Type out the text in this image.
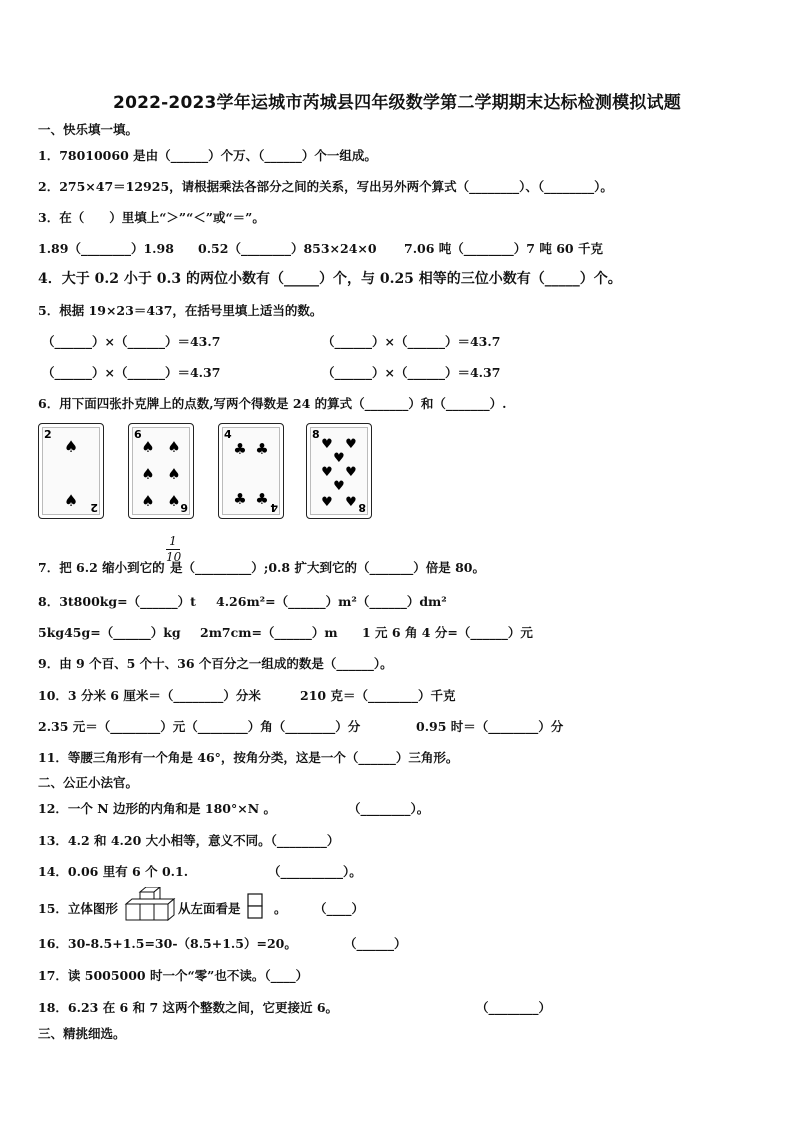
2022-2023学年运城市芮城县四年级数学第二学期期末达标检测模拟试题
一、快乐填一填。
1．78010060 是由（______）个万、（______）个一组成。
2．275×47＝12925，请根据乘法各部分之间的关系，写出另外两个算式（________）、（________）。
3．在（　　）里填上“＞”“＜”或“＝”。
1.89（________）1.98 0.52（________）853×24×0 7.06 吨（________）7 吨 60 千克
4．大于 0.2 小于 0.3 的两位小数有（_____）个，与 0.25 相等的三位小数有（_____）个。
5．根据 19×23＝437，在括号里填上适当的数。
（______）×（______）＝43.7	（______）×（______）＝43.7
（______）×（______）＝4.37	（______）×（______）＝4.37
6．用下面四张扑克牌上的点数,写两个得数是 24 的算式（_______）和（_______）.
2
2
♠
♠
6
6
♠ ♠
♠ ♠
♠ ♠
4
4
♣ ♣
♣ ♣
8
8
♥ ♥
♥
♥ ♥
♥
♥ ♥
1
10
7．把 6.2 缩小到它的 是（_________）;0.8 扩大到它的（_______）倍是 80。
8．3t800kg=（______）t 4.26m²=（______）m²（______）dm²
5kg45g=（______）kg 2m7cm=（______）m 1 元 6 角 4 分=（______）元
9．由 9 个百、5 个十、36 个百分之一组成的数是（______）。
10．3 分米 6 厘米＝（________）分米	210 克＝（________）千克
2.35 元＝（________）元（________）角（________）分	0.95 时＝（________）分
11．等腰三角形有一个角是 46°，按角分类，这是一个（______）三角形。
二、公正小法官。
12．一个 N 边形的内角和是 180°×N 。	（________）。
13．4.2 和 4.20 大小相等，意义不同。（________）
14．0.06 里有 6 个 0.1.	（__________）。
15．立体图形	从左面看是	。 （____）
16．30-8.5+1.5=30-（8.5+1.5）=20。	（______）
17．读 5005000 时一个“零”也不读。（____）
18．6.23 在 6 和 7 这两个整数之间，它更接近 6。	（________）
三、精挑细选。
